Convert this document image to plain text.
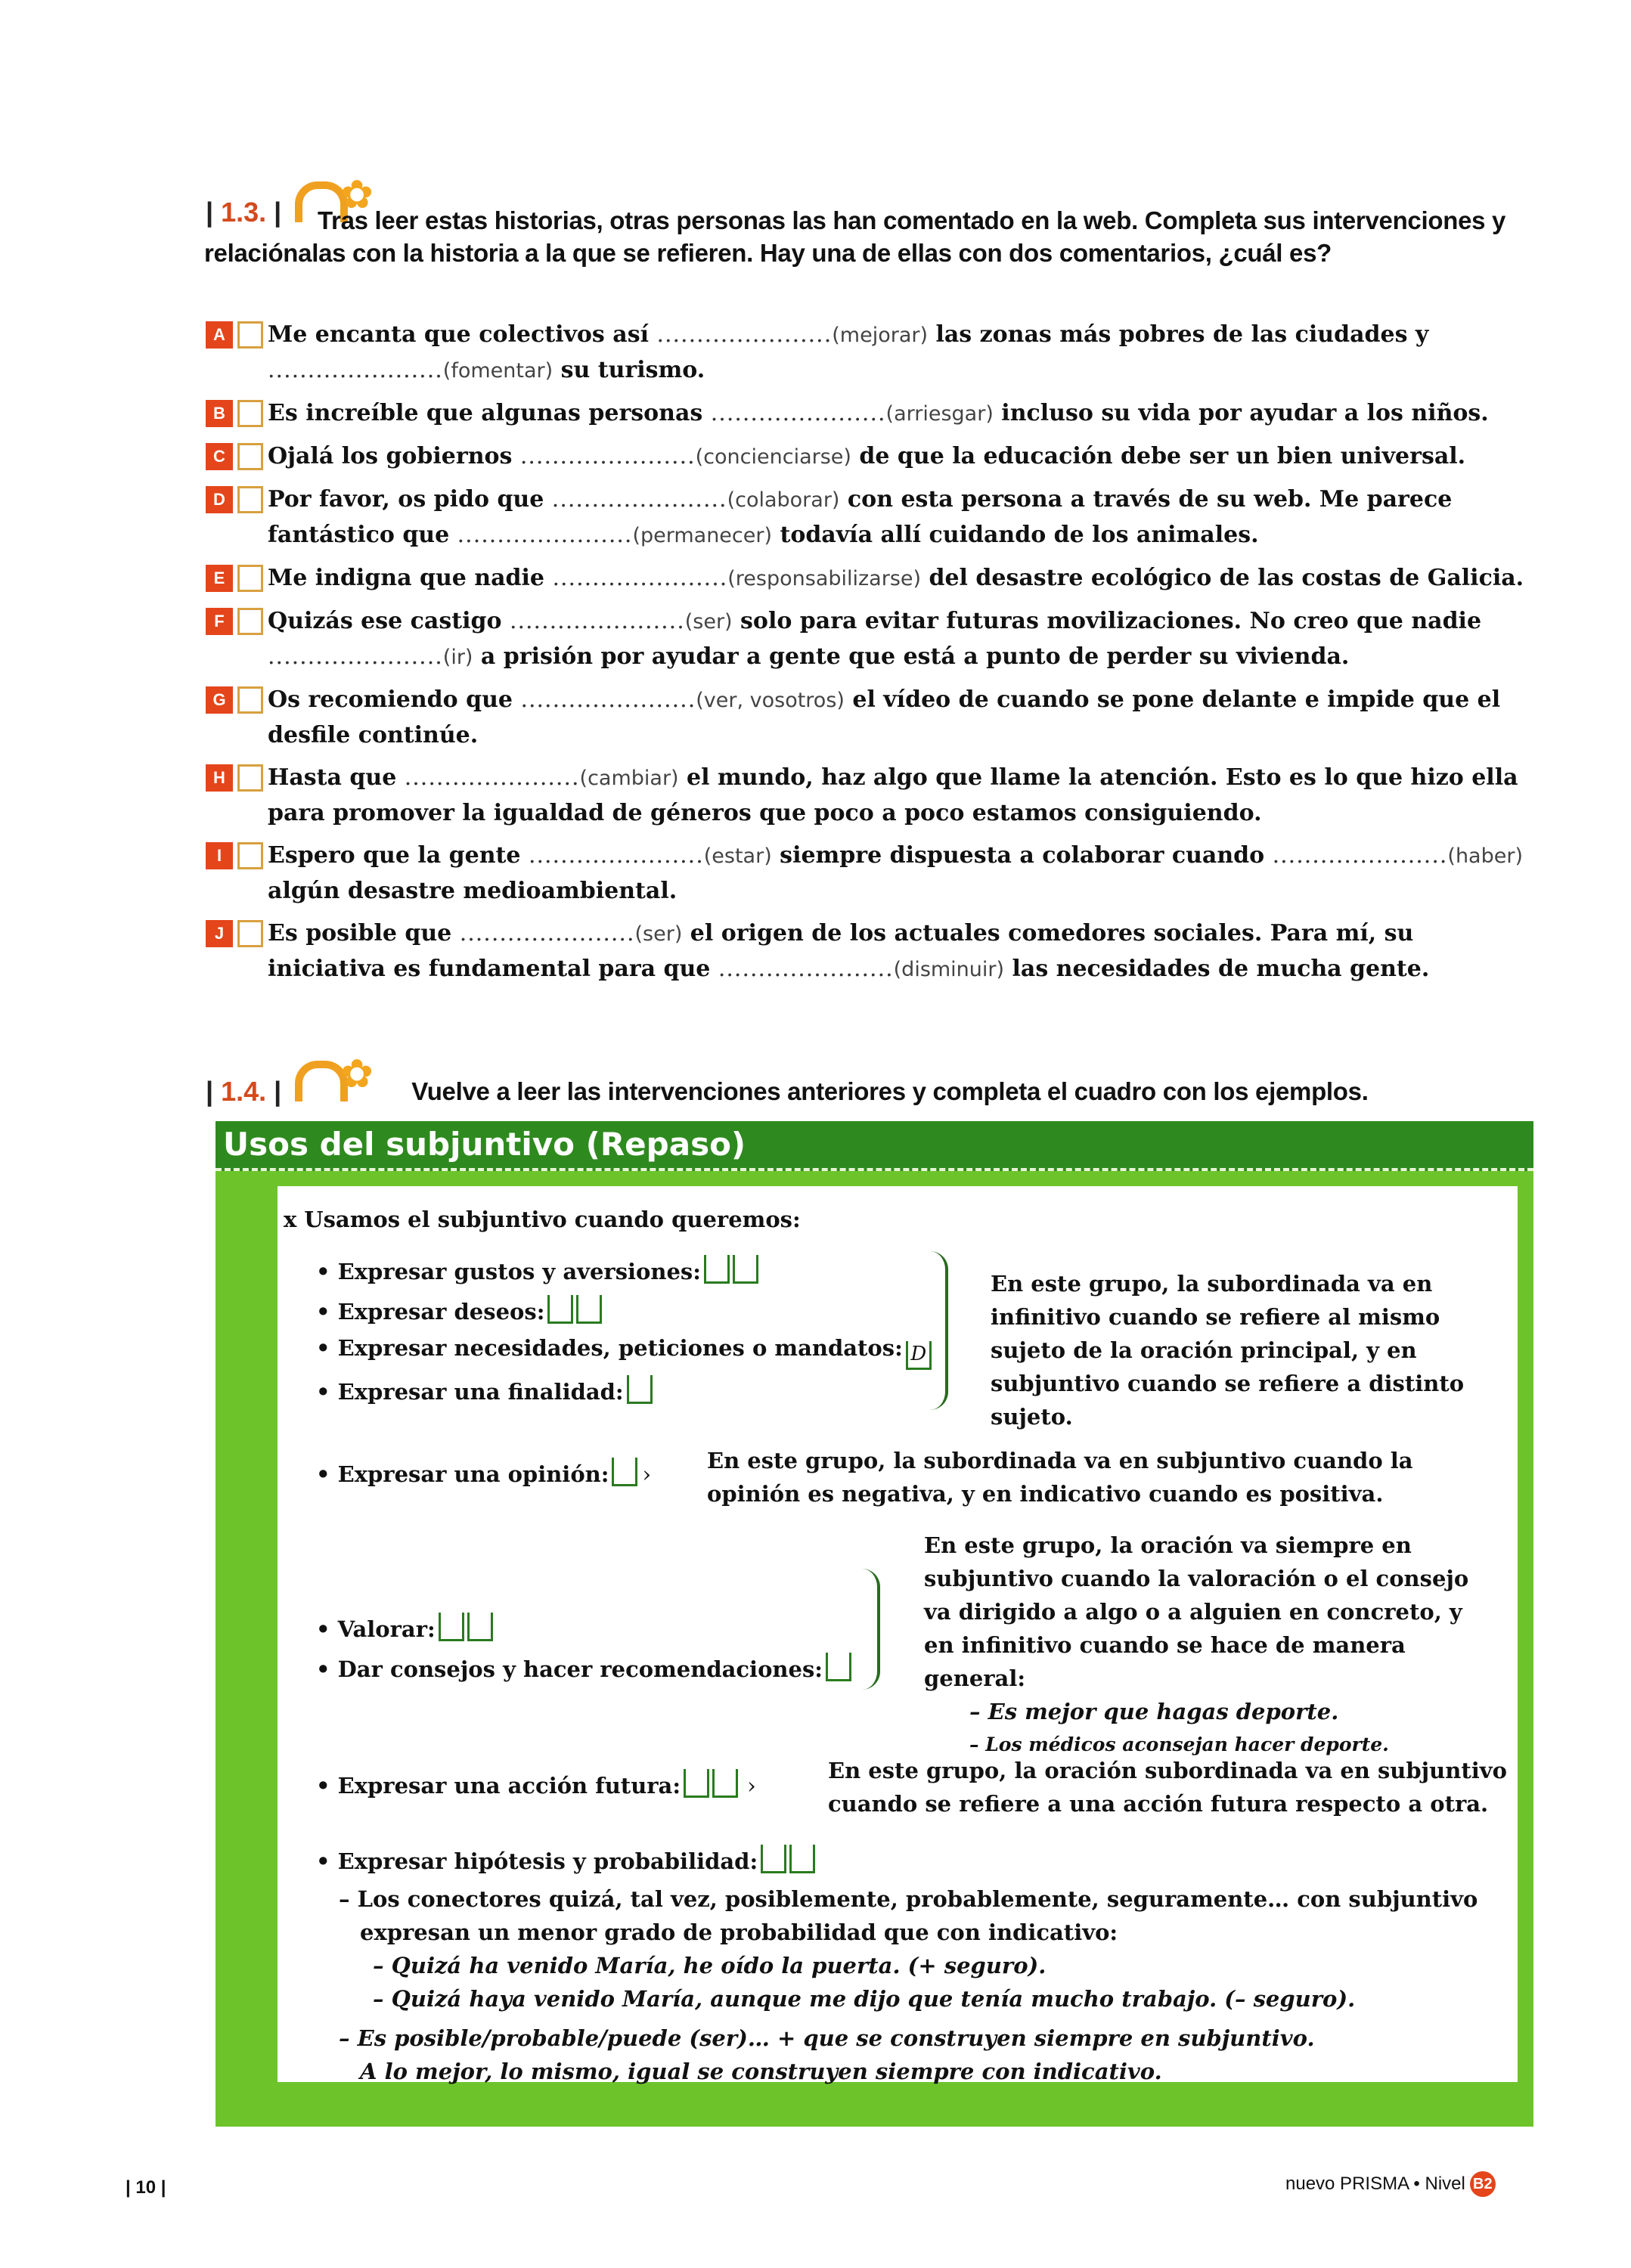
| 1.3. | ✿
Tras leer estas historias, otras personas las han comentado en la web. Completa sus intervenciones y relaciónalas con la historia a la que se refieren. Hay una de ellas con dos comentarios, ¿cuál es?
A	Me encanta que colectivos así ......................(mejorar) las zonas más pobres de las ciudades y ......................(fomentar) su turismo.
B	Es increíble que algunas personas ......................(arriesgar) incluso su vida por ayudar a los niños.
C	Ojalá los gobiernos ......................(concienciarse) de que la educación debe ser un bien universal.
D	Por favor, os pido que ......................(colaborar) con esta persona a través de su web. Me parece fantástico que ......................(permanecer) todavía allí cuidando de los animales.
E	Me indigna que nadie ......................(responsabilizarse) del desastre ecológico de las costas de Galicia.
F	Quizás ese castigo ......................(ser) solo para evitar futuras movilizaciones. No creo que nadie ......................(ir) a prisión por ayudar a gente que está a punto de perder su vivienda.
G	Os recomiendo que ......................(ver, vosotros) el vídeo de cuando se pone delante e impide que el desfile continúe.
H	Hasta que ......................(cambiar) el mundo, haz algo que llame la atención. Esto es lo que hizo ella para promover la igualdad de géneros que poco a poco estamos consiguiendo.
I	Espero que la gente ......................(estar) siempre dispuesta a colaborar cuando ......................(haber) algún desastre medioambiental.
J	Es posible que ......................(ser) el origen de los actuales comedores sociales. Para mí, su iniciativa es fundamental para que ......................(disminuir) las necesidades de mucha gente.
| 1.4. | ✿ Vuelve a leer las intervenciones anteriores y completa el cuadro con los ejemplos.
Usos del subjuntivo (Repaso)
x Usamos el subjuntivo cuando queremos:
• Expresar gustos y aversiones:
• Expresar deseos:
• Expresar necesidades, peticiones o mandatos: D
• Expresar una finalidad:
En este grupo, la subordinada va en infinitivo cuando se refiere al mismo sujeto de la oración principal, y en subjuntivo cuando se refiere a distinto sujeto.
• Expresar una opinión: ›
En este grupo, la subordinada va en subjuntivo cuando la opinión es negativa, y en indicativo cuando es positiva.
• Valorar:
• Dar consejos y hacer recomendaciones:
En este grupo, la oración va siempre en subjuntivo cuando la valoración o el consejo va dirigido a algo o a alguien en concreto, y en infinitivo cuando se hace de manera general:
– Es mejor que hagas deporte.
– Los médicos aconsejan hacer deporte.
• Expresar una acción futura:	›
En este grupo, la oración subordinada va en subjuntivo cuando se refiere a una acción futura respecto a otra.
• Expresar hipótesis y probabilidad:
– Los conectores quizá, tal vez, posiblemente, probablemente, seguramente… con subjuntivo expresan un menor grado de probabilidad que con indicativo:
– Quizá ha venido María, he oído la puerta. (+ seguro).
– Quizá haya venido María, aunque me dijo que tenía mucho trabajo. (– seguro).
– Es posible/probable/puede (ser)… + que se construyen siempre en subjuntivo.
A lo mejor, lo mismo, igual se construyen siempre con indicativo.
| 10 |	nuevo PRISMA • Nivel B2
